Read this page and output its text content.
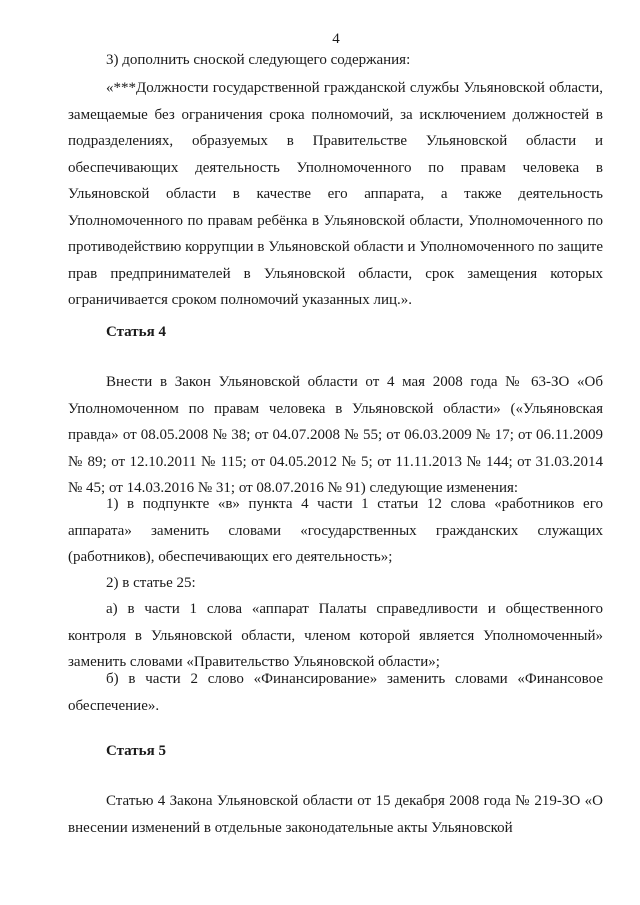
4

3) дополнить сноской следующего содержания:

«***Должности государственной гражданской службы Ульяновской области, замещаемые без ограничения срока полномочий, за исключением должностей в подразделениях, образуемых в Правительстве Ульяновской области и обеспечивающих деятельность Уполномоченного по правам человека в Ульяновской области в качестве его аппарата, а также деятельность Уполномоченного по правам ребёнка в Ульяновской области, Уполномоченного по противодействию коррупции в Ульяновской области и Уполномоченного по защите прав предпринимателей в Ульяновской области, срок замещения которых ограничивается сроком полномочий указанных лиц.».

Статья 4

Внести в Закон Ульяновской области от 4 мая 2008 года № 63-ЗО «Об Уполномоченном по правам человека в Ульяновской области» («Ульяновская правда» от 08.05.2008 № 38; от 04.07.2008 № 55; от 06.03.2009 № 17; от 06.11.2009 № 89; от 12.10.2011 № 115; от 04.05.2012 № 5; от 11.11.2013 № 144; от 31.03.2014 № 45; от 14.03.2016 № 31; от 08.07.2016 № 91) следующие изменения:

1) в подпункте «в» пункта 4 части 1 статьи 12 слова «работников его аппарата» заменить словами «государственных гражданских служащих (работников), обеспечивающих его деятельность»;

2) в статье 25:

а) в части 1 слова «аппарат Палаты справедливости и общественного контроля в Ульяновской области, членом которой является Уполномоченный» заменить словами «Правительство Ульяновской области»;

б) в части 2 слово «Финансирование» заменить словами «Финансовое обеспечение».

Статья 5

Статью 4 Закона Ульяновской области от 15 декабря 2008 года № 219-ЗО «О внесении изменений в отдельные законодательные акты Ульяновской
